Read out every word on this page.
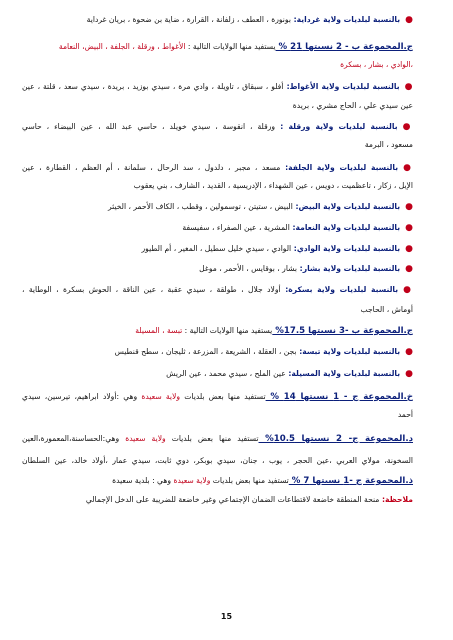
●بالنسبة لبلديات ولاية غرداية: بونورة ، العطف ، زلفانة ، القرارة ، ضاية بن ضحوة ، بريان غرداية
ج.المجموعة ب - 2 نسبتها 21 % يستفيد منها الولايات التالية : الأغواط ، ورقلة ، الجلفة ، البيض، النعامة
،الوادي ، بشار ، بسكرة
●بالنسبة لبلديات ولاية الأغواط: أفلو ، سبقاق ، تاويلة ، وادي مرة ، سيدي بوزيد ، بريدة ، سيدي سعد ، قلتة ، عين
عين سيدي علي ، الحاج مشري ، بريدة
●بالنسبة لبلديات ولاية ورقلة : ورقلة ، انقوسة ، سيدي خويلد ، حاسي عبد الله ، عين البيضاء ، حاسي
مسعود ، البرمة
●بالنسبة لبلديات ولاية الجلفة: مسعد ، مجبر ، دلدول ، سد الرحال ، سلمانة ، أم العظم ، القطارة ، عين
الإبل ، زكار ، تاعظميت ، دويس ، عين الشهداء ، الإدريسية ، القديد ، الشارف ، بني يعقوب
●بالنسبة لبلديات ولاية البيض: البيض ، ستيتن ، توسمولين ، وقطب ، الكاف الأحمر ، الخيثر
●بالنسبة لبلديات ولاية النعامة: المشرية ، عين الصفراء ، سفيسفة
●بالنسبة لبلديات ولاية الوادي: الوادي ، سيدي خليل سطيل ، المغير ، أم الطيور
●بالنسبة لبلديات ولاية بشار: بشار ، بوقايس ، الأحمر ، موغل
●بالنسبة لبلديات ولاية بسكرة: أولاد جلال ، طولقة ، سيدي عقبة ، عين الناقة ، الحوش بسكرة ، الوطاية ،
أوماش ، الحاجب
ج.المجموعة ب -3 نسبتها 17.5% يستفيد منها الولايات التالية : تبسة ، المسيلة
●بالنسبة لبلديات ولاية تبسة: بجن ، العقلة ، الشريعة ، المزرعة ، ثليجان ، سطح قنطيس
●بالنسبة لبلديات ولاية المسيلة: عين الملح ، سيدي محمد ، عين الريش
خ.المجموعة ج - 1 نسبتها 14 % تستفيد منها بعض بلديات ولاية سعيدة وهي :أولاد ابراهيم، تيرسين، سيدي
أحمد
د.المجموعة ج- 2 نسبتها 10.5% تستفيد منها بعض بلديات ولاية سعيدة وهي:الحساسنة،المعمورة،العين
السخونة، مولاي العربي ،عين الحجر ، يوب ، جنان، سيدي بوبكر، دوي ثابت، سيدي عمار ،أولاد خالد، عين السلطان
ذ.المجموعة ج -1 نسبتها 7 % تستفيد منها بعض بلديات ولاية سعيدة وهي : بلدية سعيدة
ملاحظة: منحة المنطقة خاضعة لاقتطاعات الضمان الإجتماعي وغير خاضعة للضريبة على الدخل الإجمالي
15
